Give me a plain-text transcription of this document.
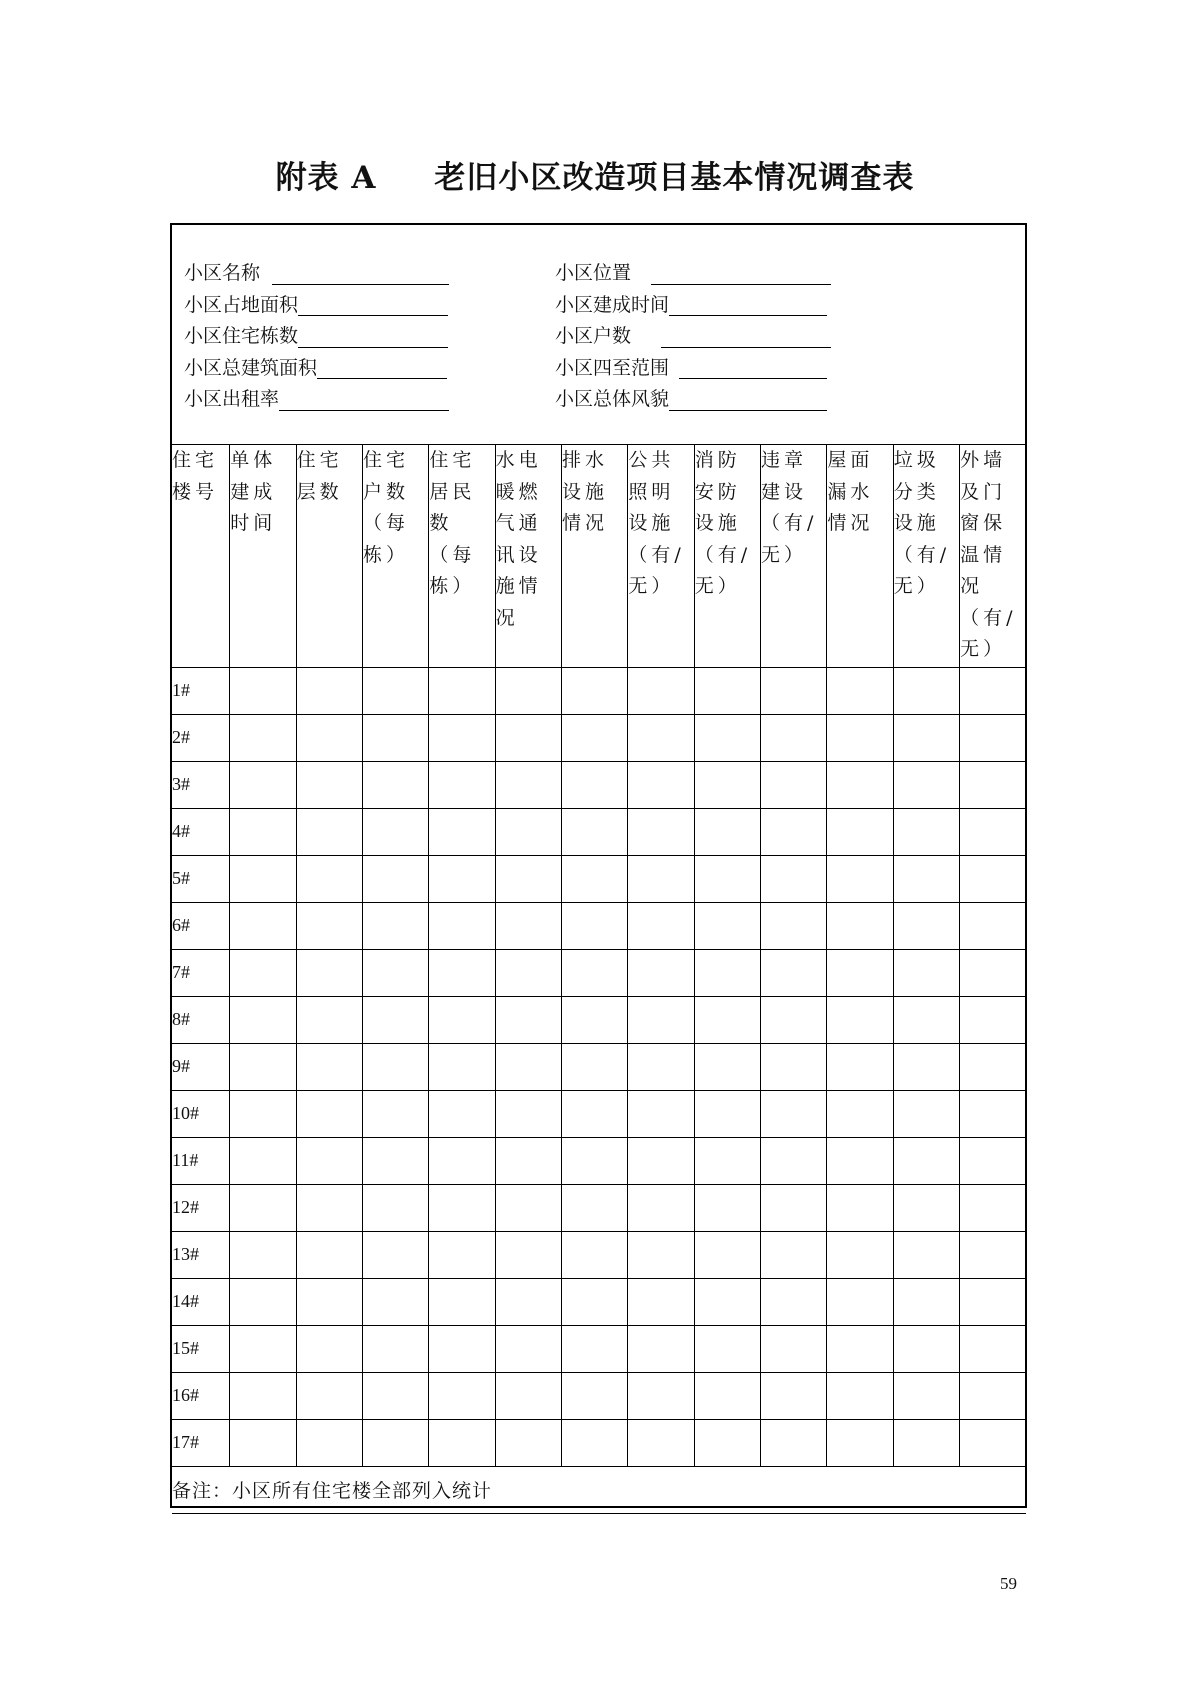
附表 A 老旧小区改造项目基本情况调查表
小区名称
小区占地面积
小区住宅栋数
小区总建筑面积
小区出租率
小区位置
小区建成时间
小区户数
小区四至范围
小区总体风貌
住宅楼号	单体建成时间	住宅层数	住宅户数（每栋）	住宅居民数（每栋）	水电暖燃气通讯设施情况	排水设施情况	公共照明设施（有/无）	消防安防设施（有/无）	违章建设（有/无）	屋面漏水情况	垃圾分类设施（有/无）	外墙及门窗保温情况（有/无）
1#												
2#												
3#												
4#												
5#												
6#												
7#												
8#												
9#												
10#												
11#												
12#												
13#												
14#												
15#												
16#												
17#												
备注：小区所有住宅楼全部列入统计												
59
